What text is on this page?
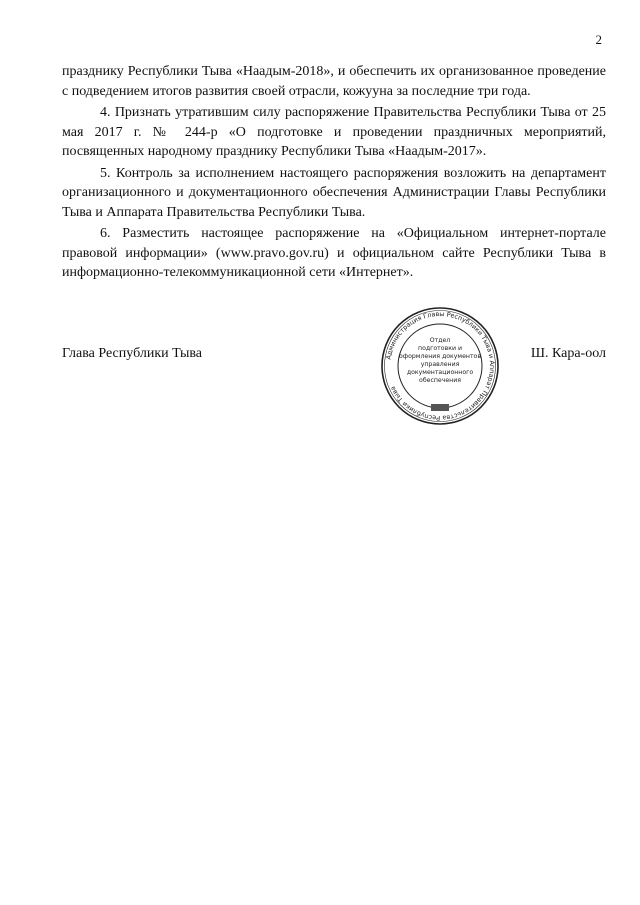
2

празднику Республики Тыва «Наадым-2018», и обеспечить их организованное проведение с подведением итогов развития своей отрасли, кожууна за последние три года.

4. Признать утратившим силу распоряжение Правительства Республики Тыва от 25 мая 2017 г. № 244-р «О подготовке и проведении праздничных мероприятий, посвященных народному празднику Республики Тыва «Наадым-2017».

5. Контроль за исполнением настоящего распоряжения возложить на департамент организационного и документационного обеспечения Администрации Главы Республики Тыва и Аппарата Правительства Республики Тыва.

6. Разместить настоящее распоряжение на «Официальном интернет-портале правовой информации» (www.pravo.gov.ru) и официальном сайте Республики Тыва в информационно-телекоммуникационной сети «Интернет».

Глава Республики Тыва	Ш. Кара-оол
Администрация Главы Республики Тыва и Аппарат Правительства Республики Тыва
Отдел
подготовки и
оформления документов
управления
документационного
обеспечения
